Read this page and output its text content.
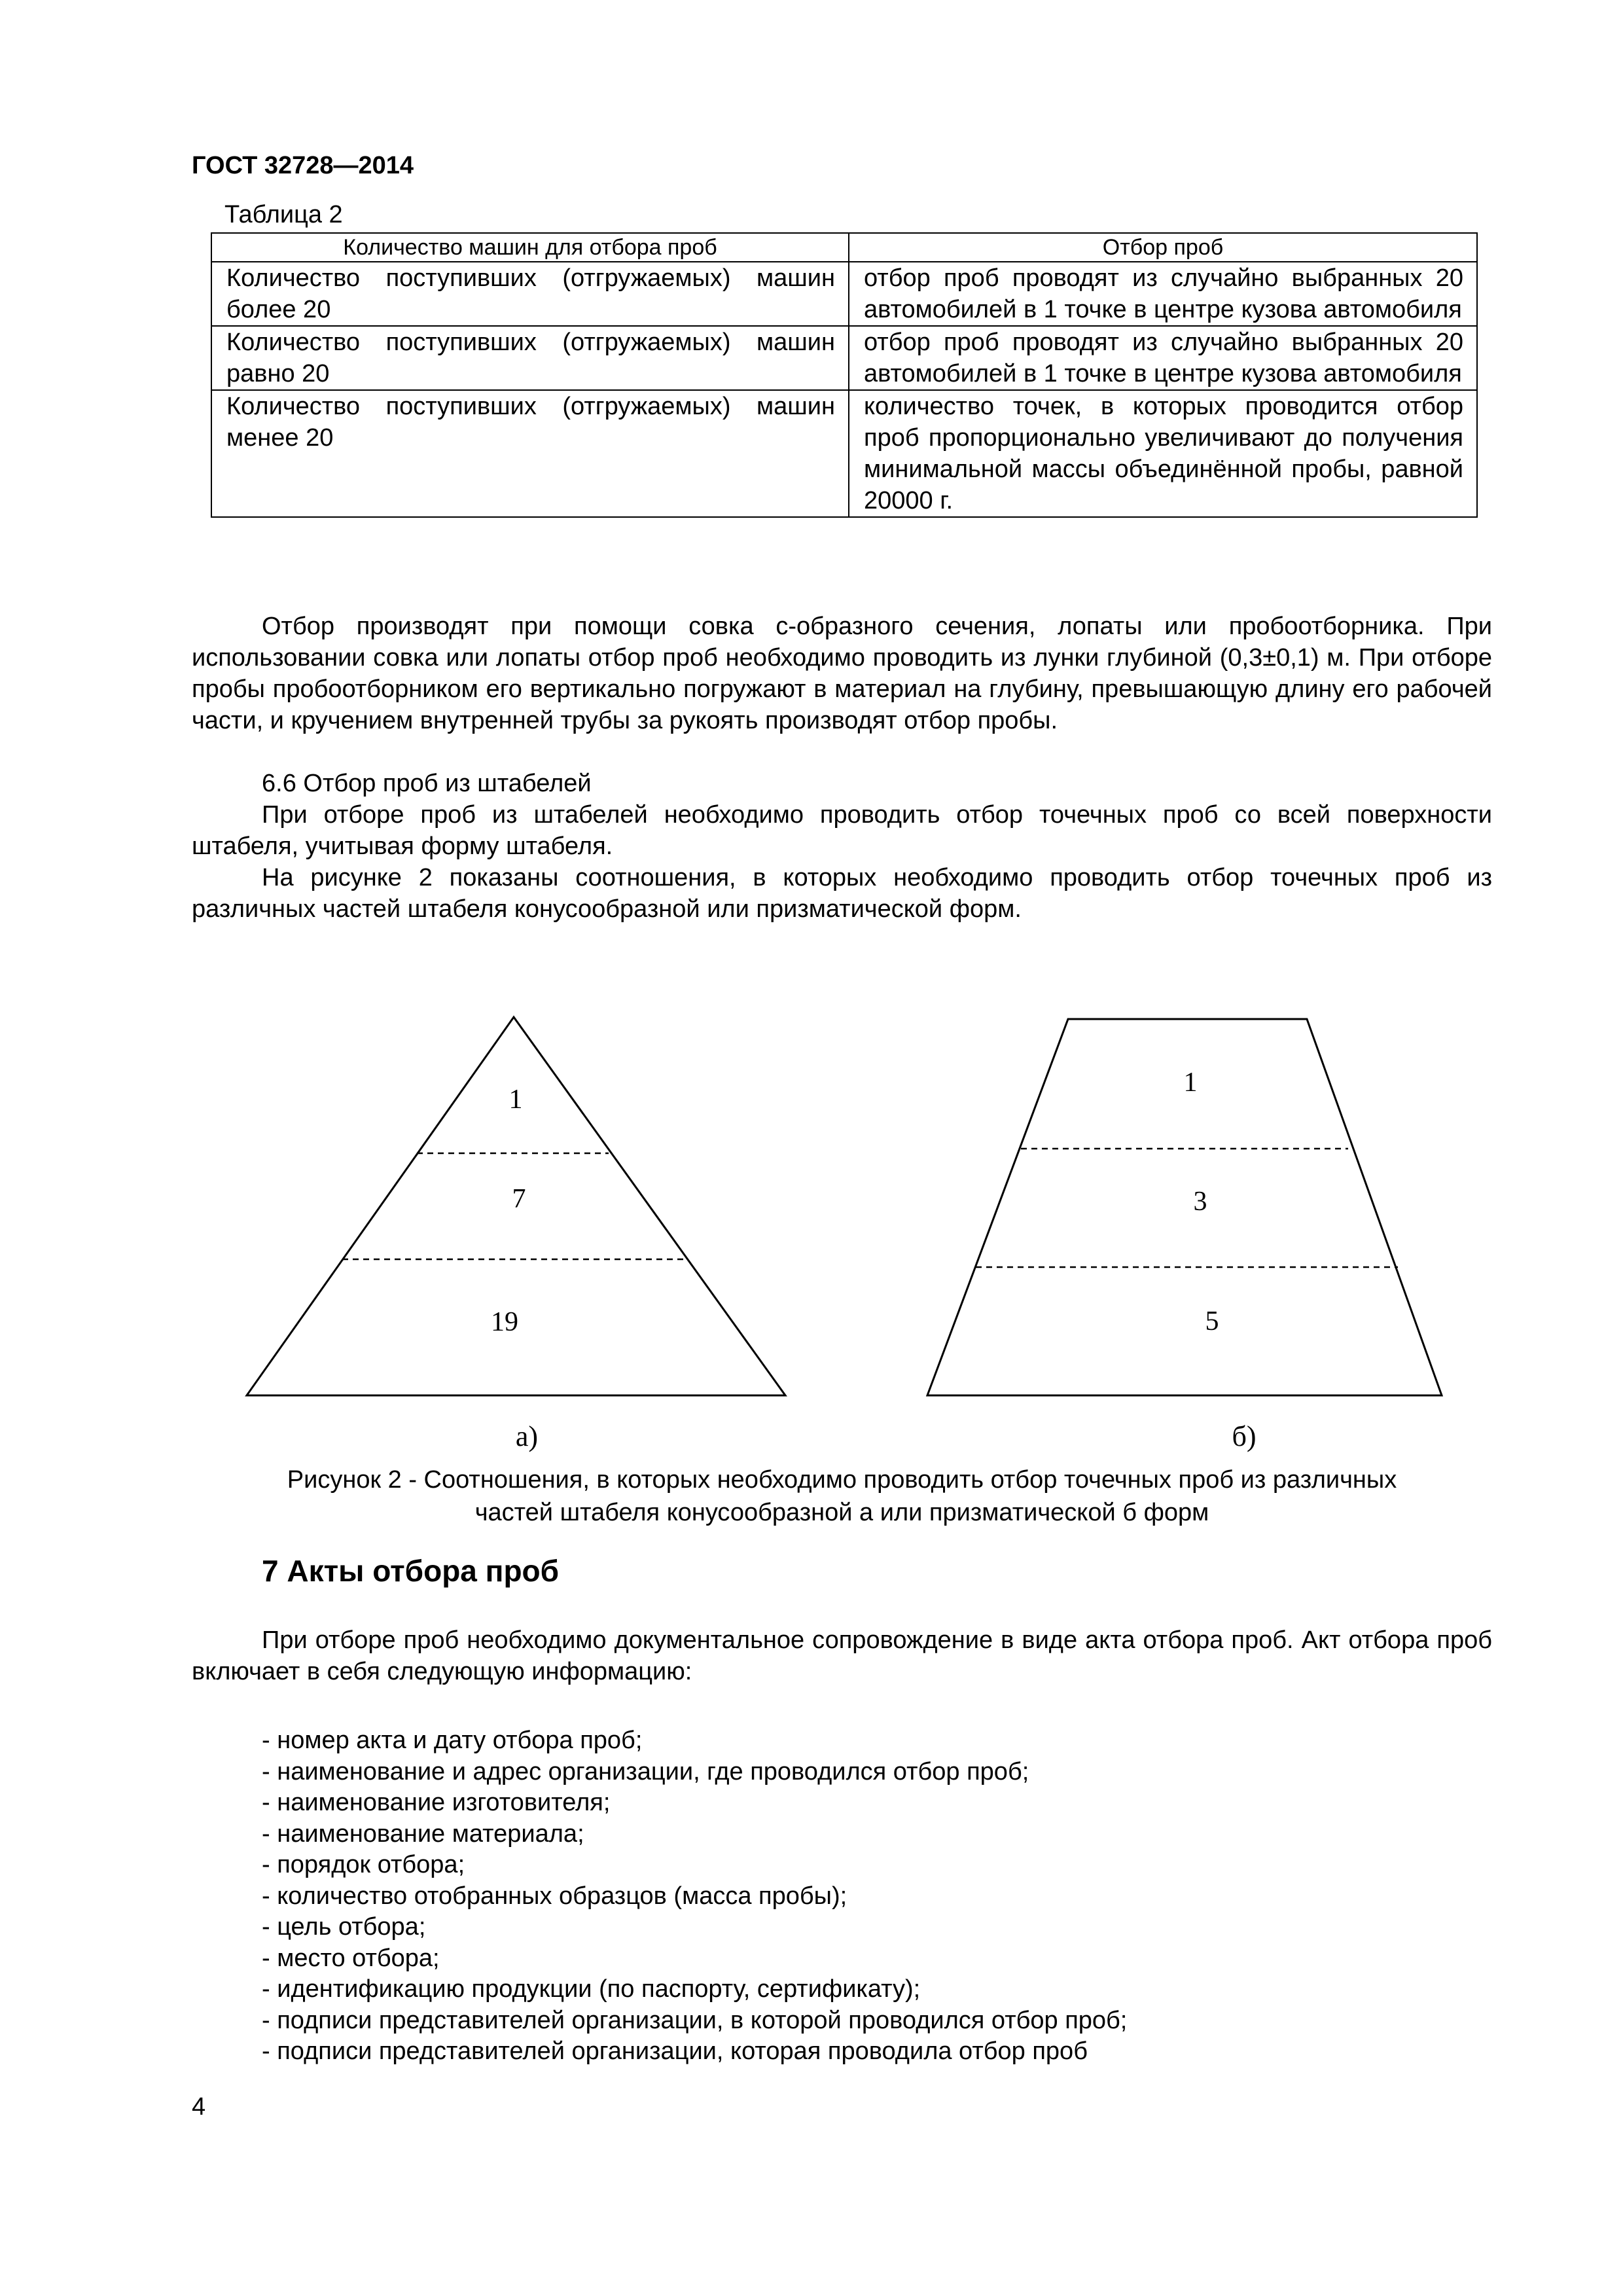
ГОСТ 32728—2014
Таблица 2
Количество машин для отбора проб	Отбор проб
Количество поступивших (отгружаемых) машин более 20	отбор проб проводят из случайно выбранных 20 автомобилей в 1 точке в центре кузова автомобиля
Количество поступивших (отгружаемых) машин равно 20	отбор проб проводят из случайно выбранных 20 автомобилей в 1 точке в центре кузова автомобиля
Количество поступивших (отгружаемых) машин менее 20	количество точек, в которых проводится отбор проб пропорционально увеличивают до получения минимальной массы объединённой пробы, равной 20000 г.
Отбор производят при помощи совка с-образного сечения, лопаты или пробоотборника. При использовании совка или лопаты отбор проб необходимо проводить из лунки глубиной (0,3±0,1) м. При отборе пробы пробоотборником его вертикально погружают в материал на глубину, превышающую длину его рабочей части, и кручением внутренней трубы за рукоять производят отбор пробы.
6.6 Отбор проб из штабелей
При отборе проб из штабелей необходимо проводить отбор точечных проб со всей поверхности штабеля, учитывая форму штабеля.
На рисунке 2 показаны соотношения, в которых необходимо проводить отбор точечных проб из различных частей штабеля конусообразной или призматической форм.
1
7
19
а)
1
3
5
б)
Рисунок 2 - Соотношения, в которых необходимо проводить отбор точечных проб из различных
частей штабеля конусообразной а или призматической б форм
7 Акты отбора проб
При отборе проб необходимо документальное сопровождение в виде акта отбора проб. Акт отбора проб включает в себя следующую информацию:
- номер акта и дату отбора проб;
- наименование и адрес организации, где проводился отбор проб;
- наименование изготовителя;
- наименование материала;
- порядок отбора;
- количество отобранных образцов (масса пробы);
- цель отбора;
- место отбора;
- идентификацию продукции (по паспорту, сертификату);
- подписи представителей организации, в которой проводился отбор проб;
- подписи представителей организации, которая проводила отбор проб
4
